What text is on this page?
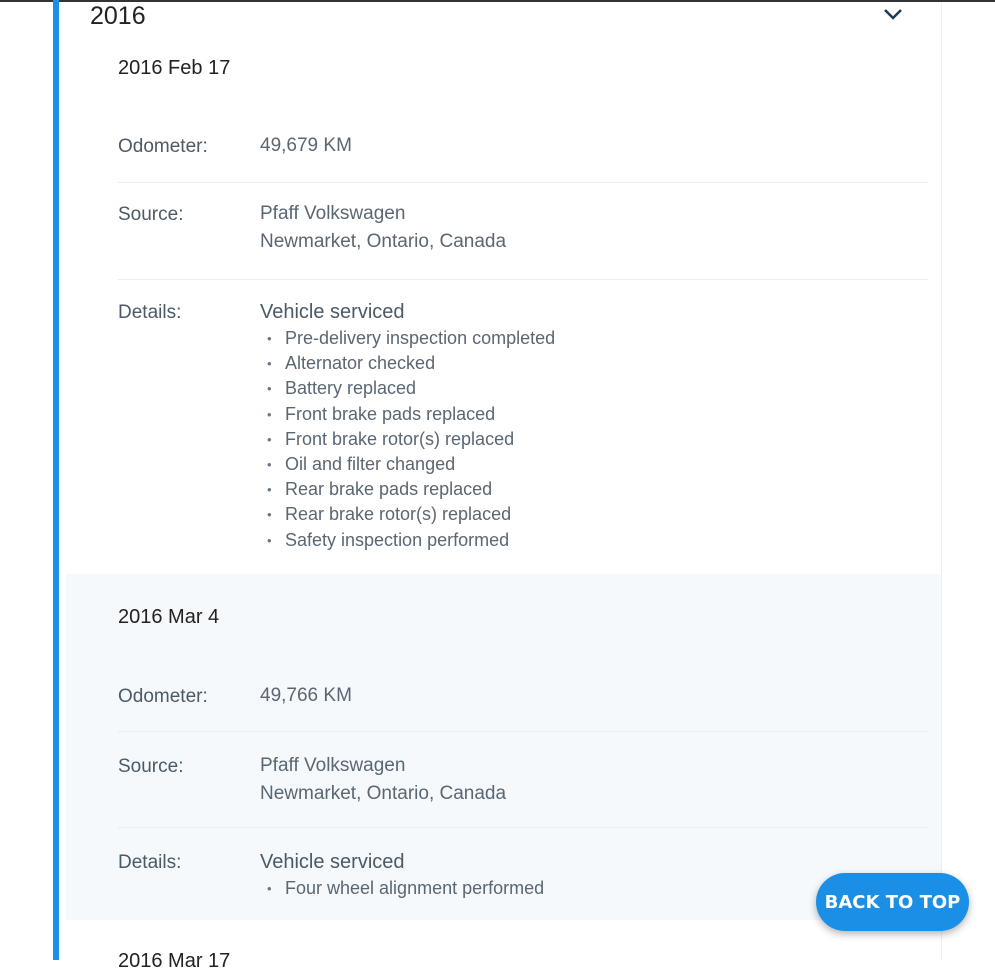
2016
2016 Feb 17
Odometer:	49,679 KM
Source:	Pfaff Volkswagen
Newmarket, Ontario, Canada
Details:	Vehicle serviced
• Pre-delivery inspection completed
• Alternator checked
• Battery replaced
• Front brake pads replaced
• Front brake rotor(s) replaced
• Oil and filter changed
• Rear brake pads replaced
• Rear brake rotor(s) replaced
• Safety inspection performed
2016 Mar 4
Odometer:	49,766 KM
Source:	Pfaff Volkswagen
Newmarket, Ontario, Canada
Details:	Vehicle serviced
• Four wheel alignment performed
2016 Mar 17
BACK TO TOP
